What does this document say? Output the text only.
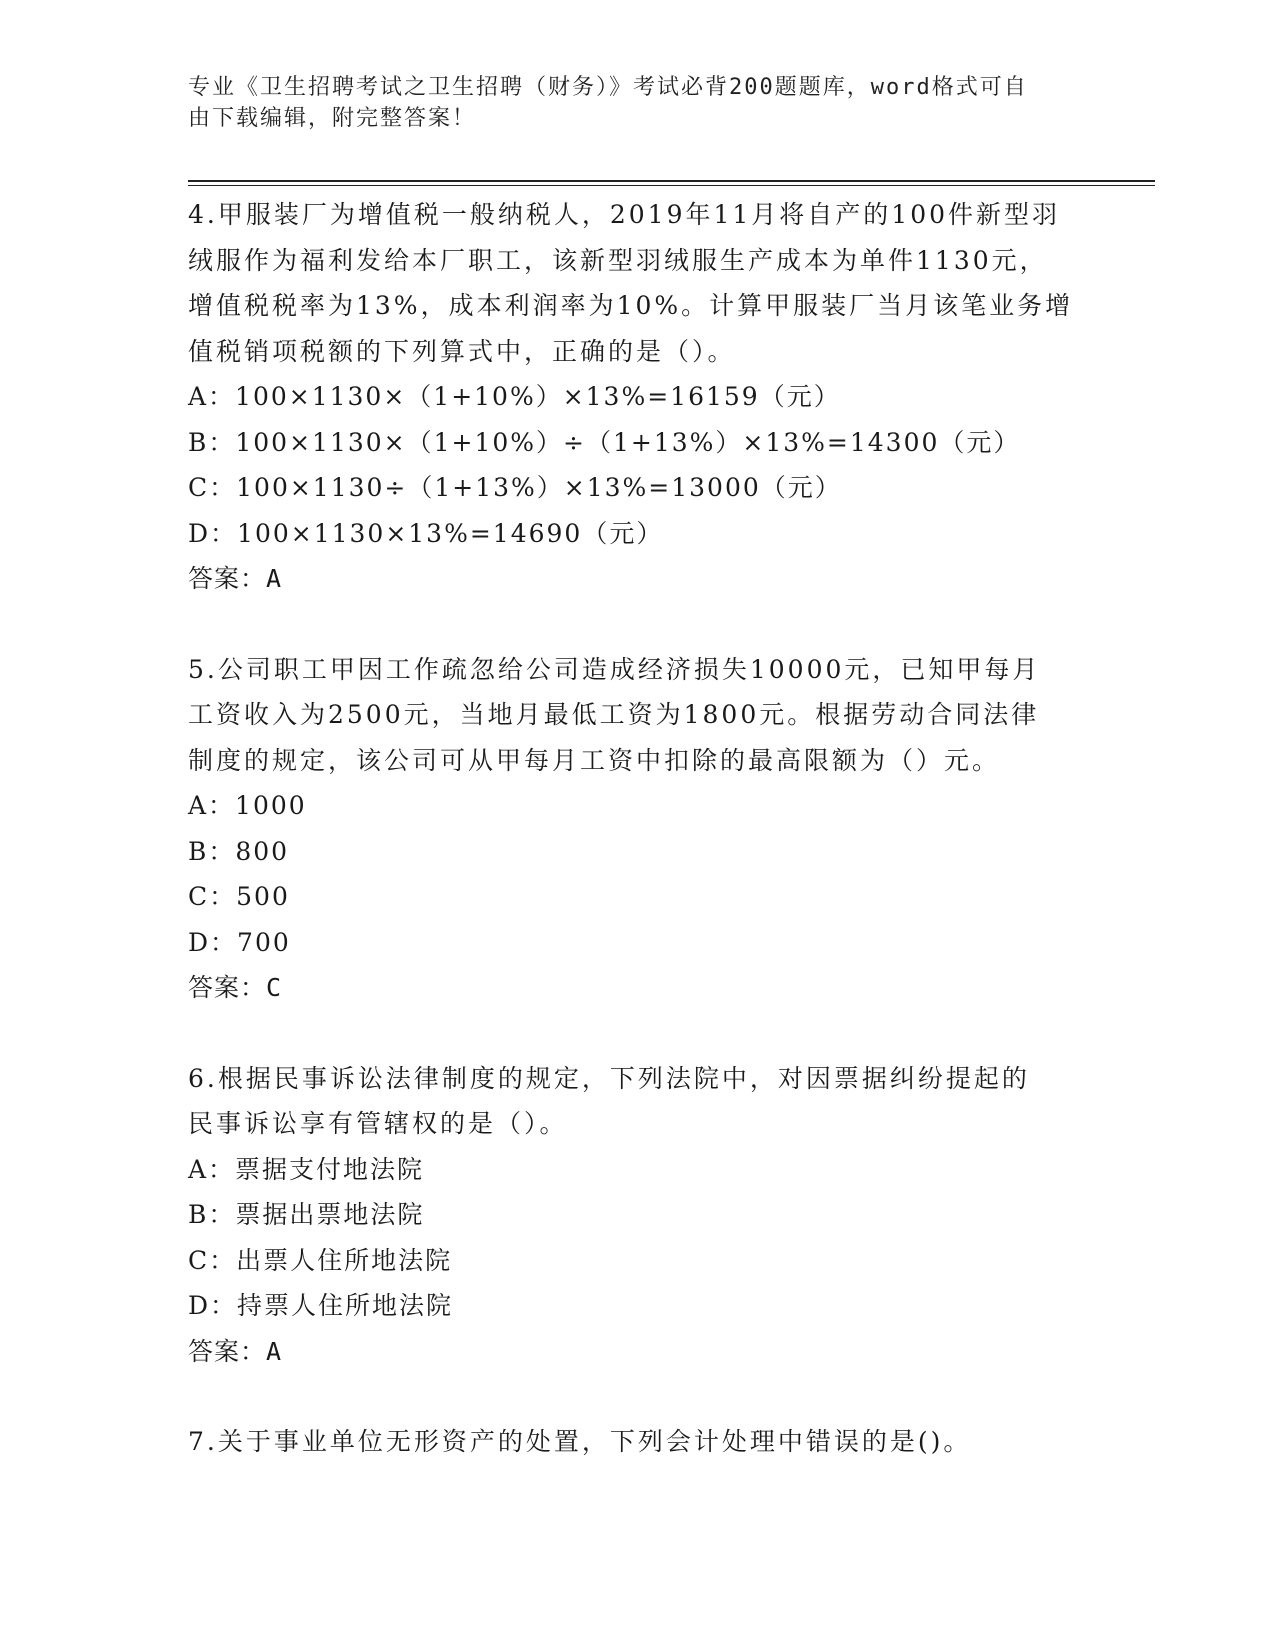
专业《卫生招聘考试之卫生招聘（财务）》考试必背200题题库，word格式可自
由下载编辑，附完整答案！
4.甲服装厂为增值税一般纳税人，2019年11月将自产的100件新型羽
绒服作为福利发给本厂职工，该新型羽绒服生产成本为单件1130元，
增值税税率为13%，成本利润率为10%。计算甲服装厂当月该笔业务增
值税销项税额的下列算式中，正确的是（）。
A：100×1130×（1+10%）×13%=16159（元）
B：100×1130×（1+10%）÷（1+13%）×13%=14300（元）
C：100×1130÷（1+13%）×13%=13000（元）
D：100×1130×13%=14690（元）
答案：A
5.公司职工甲因工作疏忽给公司造成经济损失10000元，已知甲每月
工资收入为2500元，当地月最低工资为1800元。根据劳动合同法律
制度的规定，该公司可从甲每月工资中扣除的最高限额为（）元。
A：1000
B：800
C：500
D：700
答案：C
6.根据民事诉讼法律制度的规定，下列法院中，对因票据纠纷提起的
民事诉讼享有管辖权的是（）。
A：票据支付地法院
B：票据出票地法院
C：出票人住所地法院
D：持票人住所地法院
答案：A
7.关于事业单位无形资产的处置，下列会计处理中错误的是()。
